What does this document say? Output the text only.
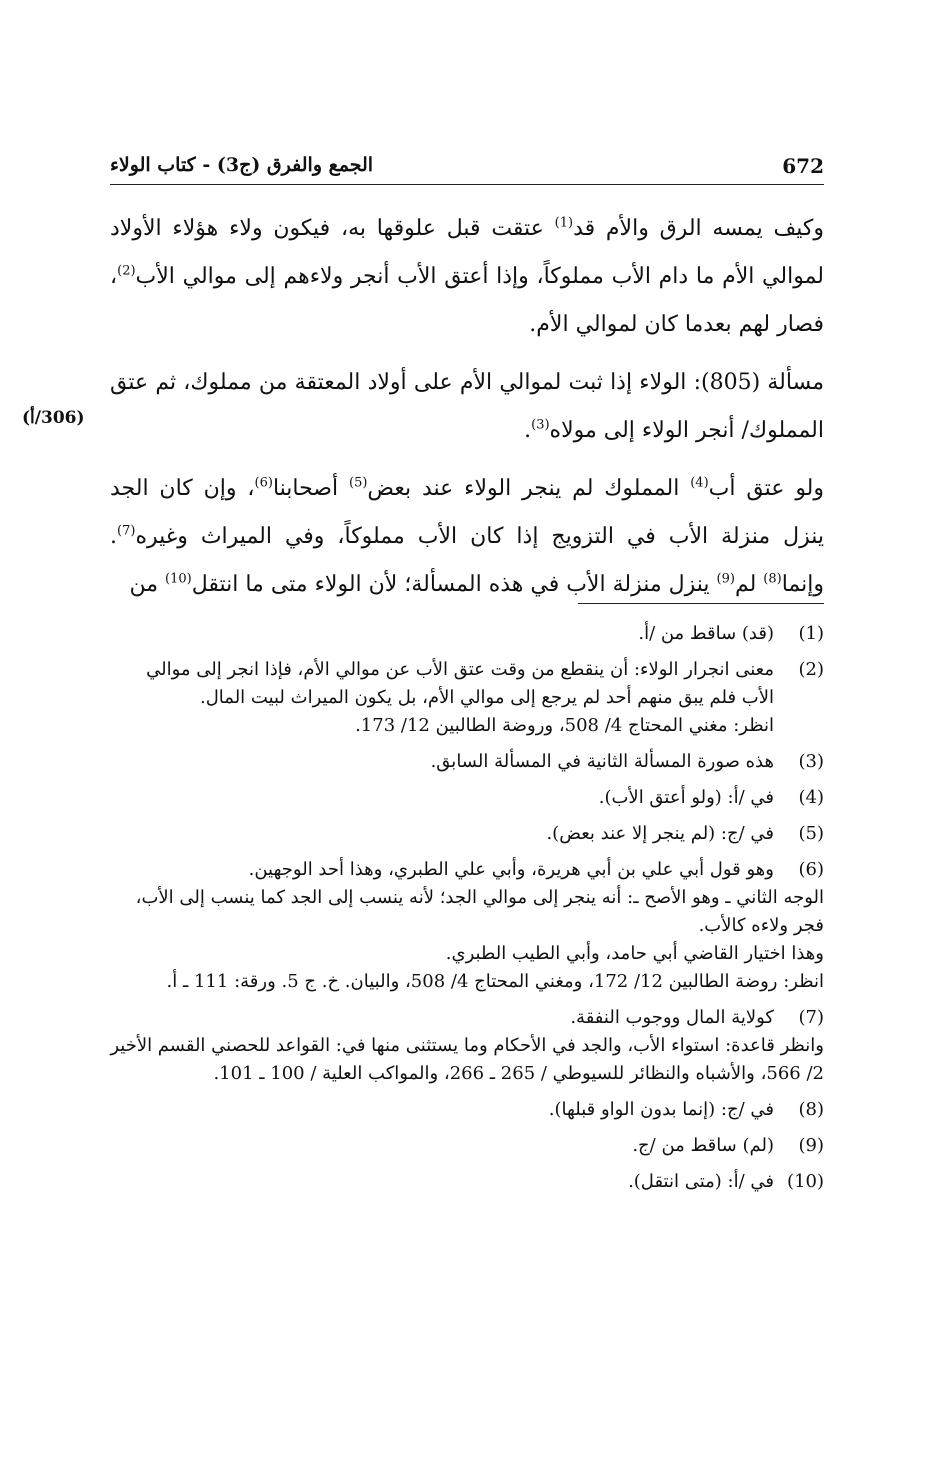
672
الجمع والفرق (ج3) - كتاب الولاء
(306/أ)

وكيف يمسه الرق والأم قد$^{(1)}$ عتقت قبل علوقها به، فيكون ولاء هؤلاء الأولاد لموالي الأم ما دام الأب مملوكاً، وإذا أعتق الأب أنجر ولاءهم إلى موالي الأب$^{(2)}$، فصار لهم بعدما كان لموالي الأم.

مسألة (805): الولاء إذا ثبت لموالي الأم على أولاد المعتقة من مملوك، ثم عتق المملوك/ أنجر الولاء إلى مولاه$^{(3)}$.

ولو عتق أب$^{(4)}$ المملوك لم ينجر الولاء عند بعض$^{(5)}$ أصحابنا$^{(6)}$، وإن كان الجد ينزل منزلة الأب في التزويج إذا كان الأب مملوكاً، وفي الميراث وغيره$^{(7)}$. وإنما$^{(8)}$ لم$^{(9)}$ ينزل منزلة الأب في هذه المسألة؛ لأن الولاء متى ما انتقل$^{(10)}$ من

(1)
(قد) ساقط من /أ.
(2)
معنى انجرار الولاء: أن ينقطع من وقت عتق الأب عن موالي الأم، فإذا انجر إلى موالي الأب فلم يبق منهم أحد لم يرجع إلى موالي الأم، بل يكون الميراث لبيت المال.
انظر: مغني المحتاج 4/ 508، وروضة الطالبين 12/ 173.
(3)
هذه صورة المسألة الثانية في المسألة السابق.
(4)
في /أ: (ولو أعتق الأب).
(5)
في /ج: (لم ينجر إلا عند بعض).
(6)
وهو قول أبي علي بن أبي هريرة، وأبي علي الطبري، وهذا أحد الوجهين.
الوجه الثاني ـ وهو الأصح ـ: أنه ينجر إلى موالي الجد؛ لأنه ينسب إلى الجد كما ينسب إلى الأب، فجر ولاءه كالأب.
وهذا اختيار القاضي أبي حامد، وأبي الطيب الطبري.
انظر: روضة الطالبين 12/ 172، ومغني المحتاج 4/ 508، والبيان. خ. ج 5. ورقة: 111 ـ أ.
(7)
كولاية المال ووجوب النفقة.
وانظر قاعدة: استواء الأب، والجد في الأحكام وما يستثنى منها في: القواعد للحصني القسم الأخير 2/ 566، والأشباه والنظائر للسيوطي / 265 ـ 266، والمواكب العلية / 100 ـ 101.
(8)
في /ج: (إنما بدون الواو قبلها).
(9)
(لم) ساقط من /ج.
(10)
في /أ: (متى انتقل).
